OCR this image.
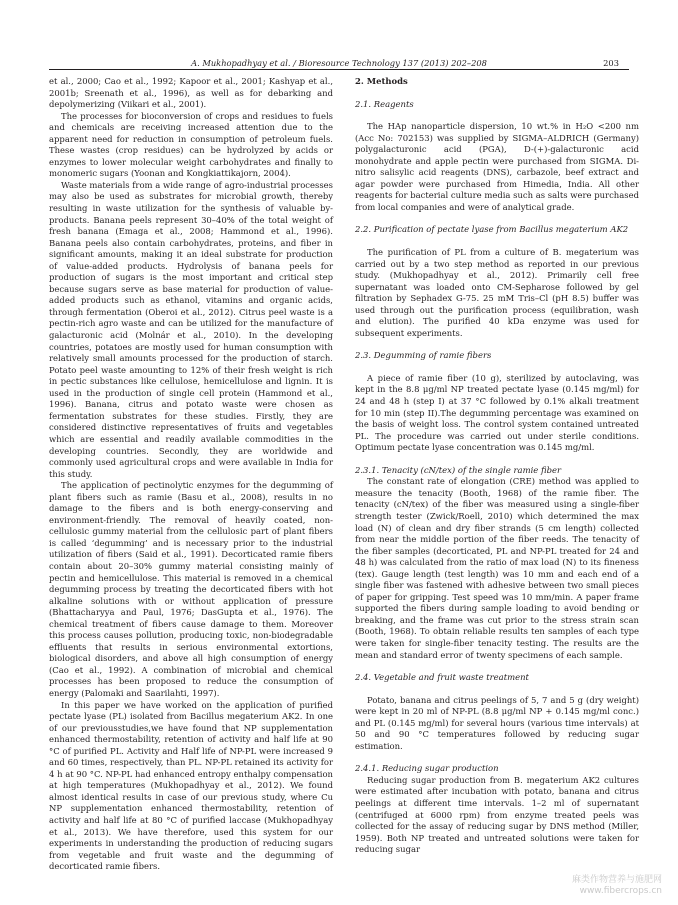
A. Mukhopadhyay et al. / Bioresource Technology 137 (2013) 202–208	203

et al., 2000; Cao et al., 1992; Kapoor et al., 2001; Kashyap et al., 2001b; Sreenath et al., 1996), as well as for debarking and depolymerizing (Viikari et al., 2001).

The processes for bioconversion of crops and residues to fuels and chemicals are receiving increased attention due to the apparent need for reduction in consumption of petroleum fuels. These wastes (crop residues) can be hydrolyzed by acids or enzymes to lower molecular weight carbohydrates and finally to monomeric sugars (Yoonan and Kongkiattikajorn, 2004).

Waste materials from a wide range of agro-industrial processes may also be used as substrates for microbial growth, thereby resulting in waste utilization for the synthesis of valuable by-products. Banana peels represent 30–40% of the total weight of fresh banana (Emaga et al., 2008; Hammond et al., 1996). Banana peels also contain carbohydrates, proteins, and fiber in significant amounts, making it an ideal substrate for production of value-added products. Hydrolysis of banana peels for production of sugars is the most important and critical step because sugars serve as base material for production of value-added products such as ethanol, vitamins and organic acids, through fermentation (Oberoi et al., 2012). Citrus peel waste is a pectin-rich agro waste and can be utilized for the manufacture of galacturonic acid (Molnár et al., 2010). In the developing countries, potatoes are mostly used for human consumption with relatively small amounts processed for the production of starch. Potato peel waste amounting to 12% of their fresh weight is rich in pectic substances like cellulose, hemicellulose and lignin. It is used in the production of single cell protein (Hammond et al., 1996). Banana, citrus and potato waste were chosen as fermentation substrates for these studies. Firstly, they are considered distinctive representatives of fruits and vegetables which are essential and readily available commodities in the developing countries. Secondly, they are worldwide and commonly used agricultural crops and were available in India for this study.

The application of pectinolytic enzymes for the degumming of plant fibers such as ramie (Basu et al., 2008), results in no damage to the fibers and is both energy-conserving and environment-friendly. The removal of heavily coated, non-cellulosic gummy material from the cellulosic part of plant fibers is called ‘degumming’ and is necessary prior to the industrial utilization of fibers (Said et al., 1991). Decorticated ramie fibers contain about 20–30% gummy material consisting mainly of pectin and hemicellulose. This material is removed in a chemical degumming process by treating the decorticated fibers with hot alkaline solutions with or without application of pressure (Bhattacharyya and Paul, 1976; DasGupta et al., 1976). The chemical treatment of fibers cause damage to them. Moreover this process causes pollution, producing toxic, non-biodegradable effluents that results in serious environmental extortions, biological disorders, and above all high consumption of energy (Cao et al., 1992). A combination of microbial and chemical processes has been proposed to reduce the consumption of energy (Palomaki and Saarilahti, 1997).

In this paper we have worked on the application of purified pectate lyase (PL) isolated from Bacillus megaterium AK2. In one of our previousstudies,we have found that NP supplementation enhanced thermostability, retention of activity and half life at 90 °C of purified PL. Activity and Half life of NP-PL were increased 9 and 60 times, respectively, than PL. NP-PL retained its activity for 4 h at 90 °C. NP-PL had enhanced entropy enthalpy compensation at high temperatures (Mukhopadhyay et al., 2012). We found almost identical results in case of our previous study, where Cu NP supplementation enhanced thermostability, retention of activity and half life at 80 °C of purified laccase (Mukhopadhyay et al., 2013). We have therefore, used this system for our experiments in understanding the production of reducing sugars from vegetable and fruit waste and the degumming of decorticated ramie fibers.

2. Methods
2.1. Reagents

The HAp nanoparticle dispersion, 10 wt.% in H₂O <200 nm (Acc No: 702153) was supplied by SIGMA–ALDRICH (Germany) polygalacturonic acid (PGA), D-(+)-galacturonic acid monohydrate and apple pectin were purchased from SIGMA. Di-nitro salisylic acid reagents (DNS), carbazole, beef extract and agar powder were purchased from Himedia, India. All other reagents for bacterial culture media such as salts were purchased from local companies and were of analytical grade.

2.2. Purification of pectate lyase from Bacillus megaterium AK2

The purification of PL from a culture of B. megaterium was carried out by a two step method as reported in our previous study. (Mukhopadhyay et al., 2012). Primarily cell free supernatant was loaded onto CM-Sepharose followed by gel filtration by Sephadex G-75. 25 mM Tris–Cl (pH 8.5) buffer was used through out the purification process (equilibration, wash and elution). The purified 40 kDa enzyme was used for subsequent experiments.

2.3. Degumming of ramie fibers

A piece of ramie fiber (10 g), sterilized by autoclaving, was kept in the 8.8 μg/ml NP treated pectate lyase (0.145 mg/ml) for 24 and 48 h (step I) at 37 °C followed by 0.1% alkali treatment for 10 min (step II).The degumming percentage was examined on the basis of weight loss. The control system contained untreated PL. The procedure was carried out under sterile conditions. Optimum pectate lyase concentration was 0.145 mg/ml.

2.3.1. Tenacity (cN/tex) of the single ramie fiber

The constant rate of elongation (CRE) method was applied to measure the tenacity (Booth, 1968) of the ramie fiber. The tenacity (cN/tex) of the fiber was measured using a single-fiber strength tester (Zwick/Roell, 2010) which determined the max load (N) of clean and dry fiber strands (5 cm length) collected from near the middle portion of the fiber reeds. The tenacity of the fiber samples (decorticated, PL and NP-PL treated for 24 and 48 h) was calculated from the ratio of max load (N) to its fineness (tex). Gauge length (test length) was 10 mm and each end of a single fiber was fastened with adhesive between two small pieces of paper for gripping. Test speed was 10 mm/min. A paper frame supported the fibers during sample loading to avoid bending or breaking, and the frame was cut prior to the stress strain scan (Booth, 1968). To obtain reliable results ten samples of each type were taken for single-fiber tenacity testing. The results are the mean and standard error of twenty specimens of each sample.

2.4. Vegetable and fruit waste treatment

Potato, banana and citrus peelings of 5, 7 and 5 g (dry weight) were kept in 20 ml of NP-PL (8.8 μg/ml NP + 0.145 mg/ml conc.) and PL (0.145 mg/ml) for several hours (various time intervals) at 50 and 90 °C temperatures followed by reducing sugar estimation.

2.4.1. Reducing sugar production

Reducing sugar production from B. megaterium AK2 cultures were estimated after incubation with potato, banana and citrus peelings at different time intervals. 1–2 ml of supernatant (centrifuged at 6000 rpm) from enzyme treated peels was collected for the assay of reducing sugar by DNS method (Miller, 1959). Both NP treated and untreated solutions were taken for reducing sugar

麻类作物营养与施肥网
www.fibercrops.cn
